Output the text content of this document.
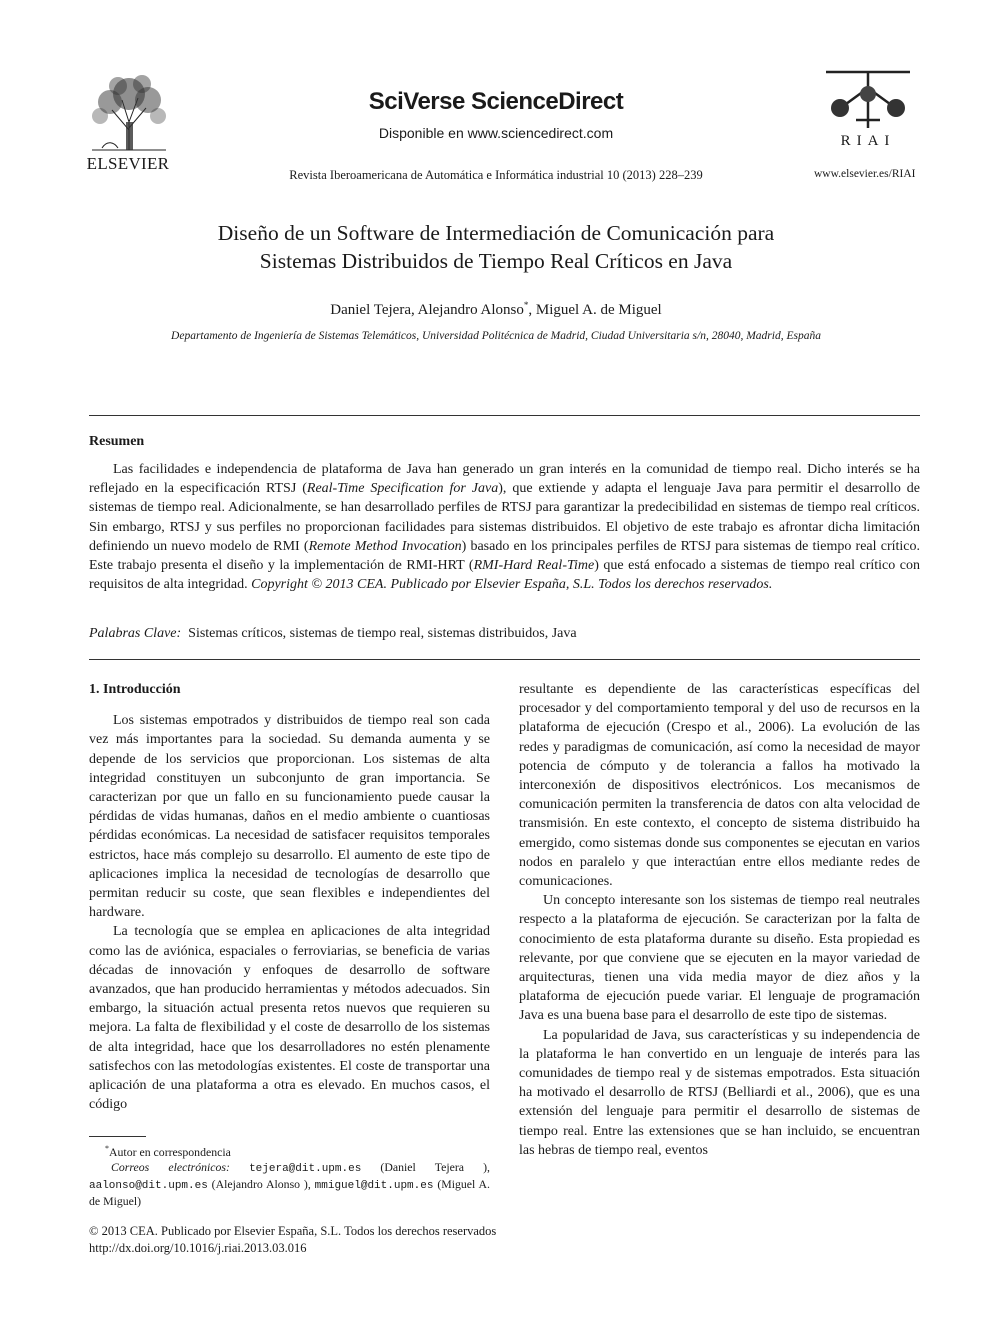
ELSEVIER
SciVerse ScienceDirect
Disponible en www.sciencedirect.com
Revista Iberoamericana de Automática e Informática industrial 10 (2013) 228–239
RIAI
www.elsevier.es/RIAI
Diseño de un Software de Intermediación de Comunicación para
Sistemas Distribuidos de Tiempo Real Críticos en Java
Daniel Tejera, Alejandro Alonso*, Miguel A. de Miguel
Departamento de Ingeniería de Sistemas Telemáticos, Universidad Politécnica de Madrid, Ciudad Universitaria s/n, 28040, Madrid, España
Resumen
Las facilidades e independencia de plataforma de Java han generado un gran interés en la comunidad de tiempo real. Dicho interés se ha reflejado en la especificación RTSJ (Real-Time Specification for Java), que extiende y adapta el lenguaje Java para permitir el desarrollo de sistemas de tiempo real. Adicionalmente, se han desarrollado perfiles de RTSJ para garantizar la predecibilidad en sistemas de tiempo real críticos. Sin embargo, RTSJ y sus perfiles no proporcionan facilidades para sistemas distribuidos. El objetivo de este trabajo es afrontar dicha limitación definiendo un nuevo modelo de RMI (Remote Method Invocation) basado en los principales perfiles de RTSJ para sistemas de tiempo real crítico. Este trabajo presenta el diseño y la implementación de RMI-HRT (RMI-Hard Real-Time) que está enfocado a sistemas de tiempo real crítico con requisitos de alta integridad. Copyright © 2013 CEA. Publicado por Elsevier España, S.L. Todos los derechos reservados.
Palabras Clave: Sistemas críticos, sistemas de tiempo real, sistemas distribuidos, Java

1. Introducción

Los sistemas empotrados y distribuidos de tiempo real son cada vez más importantes para la sociedad. Su demanda aumenta y se depende de los servicios que proporcionan. Los sistemas de alta integridad constituyen un subconjunto de gran importancia. Se caracterizan por que un fallo en su funcionamiento puede causar la pérdidas de vidas humanas, daños en el medio ambiente o cuantiosas pérdidas económicas. La necesidad de satisfacer requisitos temporales estrictos, hace más complejo su desarrollo. El aumento de este tipo de aplicaciones implica la necesidad de tecnologías de desarrollo que permitan reducir su coste, que sean flexibles e independientes del hardware.

La tecnología que se emplea en aplicaciones de alta integridad como las de aviónica, espaciales o ferroviarias, se beneficia de varias décadas de innovación y enfoques de desarrollo de software avanzados, que han producido herramientas y métodos adecuados. Sin embargo, la situación actual presenta retos nuevos que requieren su mejora. La falta de flexibilidad y el coste de desarrollo de los sistemas de alta integridad, hace que los desarrolladores no estén plenamente satisfechos con las metodologías existentes. El coste de transportar una aplicación de una plataforma a otra es elevado. En muchos casos, el código

resultante es dependiente de las características específicas del procesador y del comportamiento temporal y del uso de recursos en la plataforma de ejecución (Crespo et al., 2006). La evolución de las redes y paradigmas de comunicación, así como la necesidad de mayor potencia de cómputo y de tolerancia a fallos ha motivado la interconexión de dispositivos electrónicos. Los mecanismos de comunicación permiten la transferencia de datos con alta velocidad de transmisión. En este contexto, el concepto de sistema distribuido ha emergido, como sistemas donde sus componentes se ejecutan en varios nodos en paralelo y que interactúan entre ellos mediante redes de comunicaciones.

Un concepto interesante son los sistemas de tiempo real neutrales respecto a la plataforma de ejecución. Se caracterizan por la falta de conocimiento de esta plataforma durante su diseño. Esta propiedad es relevante, por que conviene que se ejecuten en la mayor variedad de arquitecturas, tienen una vida media mayor de diez años y la plataforma de ejecución puede variar. El lenguaje de programación Java es una buena base para el desarrollo de este tipo de sistemas.

La popularidad de Java, sus características y su independencia de la plataforma le han convertido en un lenguaje de interés para las comunidades de tiempo real y de sistemas empotrados. Esta situación ha motivado el desarrollo de RTSJ (Belliardi et al., 2006), que es una extensión del lenguaje para permitir el desarrollo de sistemas de tiempo real. Entre las extensiones que se han incluido, se encuentran las hebras de tiempo real, eventos

*Autor en correspondencia
Correos electrónicos: tejera@dit.upm.es (Daniel Tejera ), aalonso@dit.upm.es (Alejandro Alonso ), mmiguel@dit.upm.es (Miguel A. de Miguel)
© 2013 CEA. Publicado por Elsevier España, S.L. Todos los derechos reservados
http://dx.doi.org/10.1016/j.riai.2013.03.016
